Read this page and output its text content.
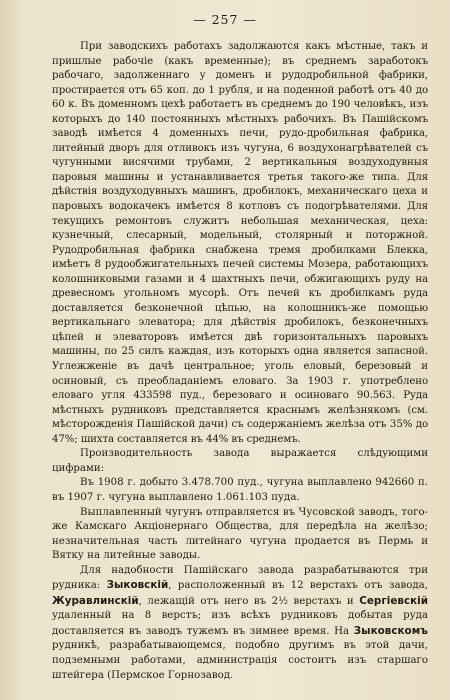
— 257 —

При заводскихъ работахъ задолжаются какъ мѣстные, такъ и пришлые рабочіе (какъ временные); въ среднемъ заработокъ рабочаго, задолженнаго у доменъ и рудодробильной фабрики, простирается отъ 65 коп. до 1 рубля, и на поденной работѣ отъ 40 до 60 к. Въ доменномъ цехѣ работаетъ въ среднемъ до 190 человѣкъ, изъ которыхъ до 140 постоянныхъ мѣстныхъ рабочихъ. Въ Пашійскомъ заводѣ имѣется 4 доменныхъ печи, рудо-дробильная фабрика, литейный дворъ для отливокъ изъ чугуна, 6 воздухонагрѣвателей съ чугунными висячими трубами, 2 вертикальныя воздуходувныя паровыя машины и устанавливается третья такого-же типа. Для дѣйствія воздуходувныхъ машинъ, дробилокъ, механическаго цеха и паровыхъ водокачекъ имѣется 8 котловъ съ подогрѣвателями. Для текущихъ ремонтовъ служитъ небольшая механическая, цеха: кузнечный, слесарный, модельный, столярный и поторжной. Рудодробильная фабрика снабжена тремя дробилками Блекка, имѣетъ 8 рудообжигательныхъ печей системы Мозера, работающихъ колошниковыми газами и 4 шахтныхъ печи, обжигающихъ руду на древесномъ угольномъ мусорѣ. Отъ печей къ дробилкамъ руда доставляется безконечной цѣпью, на колошникъ-же помощью вертикальнаго элеватора; для дѣйствія дробилокъ, безконечныхъ цѣпей и элеваторовъ имѣется двѣ горизонтальныхъ паровыхъ машины, по 25 силъ каждая, изъ которыхъ одна является запасной. Углежженіе въ дачѣ центральное; уголь еловый, березовый и осиновый, съ преобладаніемъ еловаго. За 1903 г. употреблено еловаго угля 433598 пуд., березоваго и осиноваго 90.563. Руда мѣстныхъ рудниковъ представляется краснымъ желѣзнякомъ (см. мѣсторожденія Пашійской дачи) съ содержаніемъ желѣза отъ 35% до 47%; шихта составляется въ 44% въ среднемъ.

Производительность завода выражается слѣдующими цифрами:

Въ 1908 г. добыто 3.478.700 пуд., чугуна выплавлено 942660 п. въ 1907 г. чугуна выплавлено 1.061.103 пуда.

Выплавленный чугунъ отправляется въ Чусовской заводъ, того-же Камскаго Акціонернаго Общества, для передѣла на желѣзо; незначительная часть литейнаго чугуна продается въ Пермь и Вятку на литейные заводы.

Для надобности Пашійскаго завода разрабатываются три рудника: Зыковскій, расположенный въ 12 верстахъ отъ завода, Журавлинскій, лежащій отъ него въ 2½ верстахъ и Сергіевскій удаленный на 8 верстъ; изъ всѣхъ рудниковъ добытая руда доставляется въ заводъ тужемъ въ зимнее время. На Зыковскомъ рудникѣ, разрабатывающемся, подобно другимъ въ этой дачи, подземными работами, администрація состоитъ изъ старшаго штейгера (Пермское Горнозавод.
